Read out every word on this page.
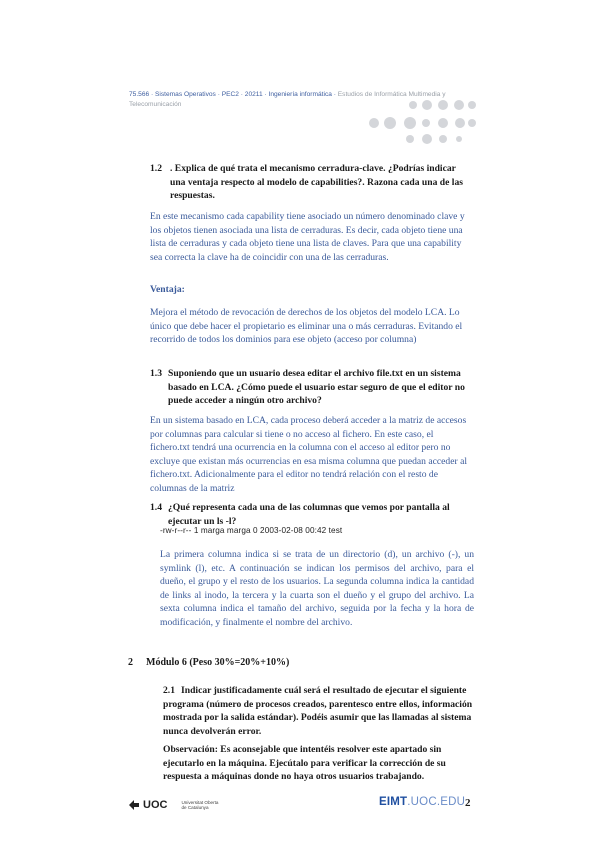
75.566 · Sistemas Operativos · PEC2 · 20211 · Ingeniería informática · Estudios de Informática Multimedia y
Telecomunicación
1.2 . Explica de qué trata el mecanismo cerradura-clave. ¿Podrías indicar una ventaja respecto al modelo de capabilities?. Razona cada una de las respuestas.
En este mecanismo cada capability tiene asociado un número denominado clave y los objetos tienen asociada una lista de cerraduras. Es decir, cada objeto tiene una lista de cerraduras y cada objeto tiene una lista de claves. Para que una capability sea correcta la clave ha de coincidir con una de las cerraduras.
Ventaja:
Mejora el método de revocación de derechos de los objetos del modelo LCA. Lo único que debe hacer el propietario es eliminar una o más cerraduras. Evitando el recorrido de todos los dominios para ese objeto (acceso por columna)
1.3 Suponiendo que un usuario desea editar el archivo file.txt en un sistema basado en LCA. ¿Cómo puede el usuario estar seguro de que el editor no puede acceder a ningún otro archivo?
En un sistema basado en LCA, cada proceso deberá acceder a la matriz de accesos por columnas para calcular si tiene o no acceso al fichero. En este caso, el fichero.txt tendrá una ocurrencia en la columna con el acceso al editor pero no excluye que existan más ocurrencias en esa misma columna que puedan acceder al fichero.txt. Adicionalmente para el editor no tendrá relación con el resto de columnas de la matriz
1.4 ¿Qué representa cada una de las columnas que vemos por pantalla al ejecutar un ls -l?
-rw-r--r-- 1 marga marga 0 2003-02-08 00:42 test
La primera columna indica si se trata de un directorio (d), un archivo (-), un symlink (l), etc. A continuación se indican los permisos del archivo, para el dueño, el grupo y el resto de los usuarios. La segunda columna indica la cantidad de links al inodo, la tercera y la cuarta son el dueño y el grupo del archivo. La sexta columna indica el tamaño del archivo, seguida por la fecha y la hora de modificación, y finalmente el nombre del archivo.
2 Módulo 6 (Peso 30%=20%+10%)
2.1 Indicar justificadamente cuál será el resultado de ejecutar el siguiente programa (número de procesos creados, parentesco entre ellos, información mostrada por la salida estándar). Podéis asumir que las llamadas al sistema nunca devolverán error.
Observación: Es aconsejable que intentéis resolver este apartado sin ejecutarlo en la máquina. Ejecútalo para verificar la corrección de su respuesta a máquinas donde no haya otros usuarios trabajando.
UOC	Universitat Oberta
de Catalunya	EIMT.UOC.EDU 2
